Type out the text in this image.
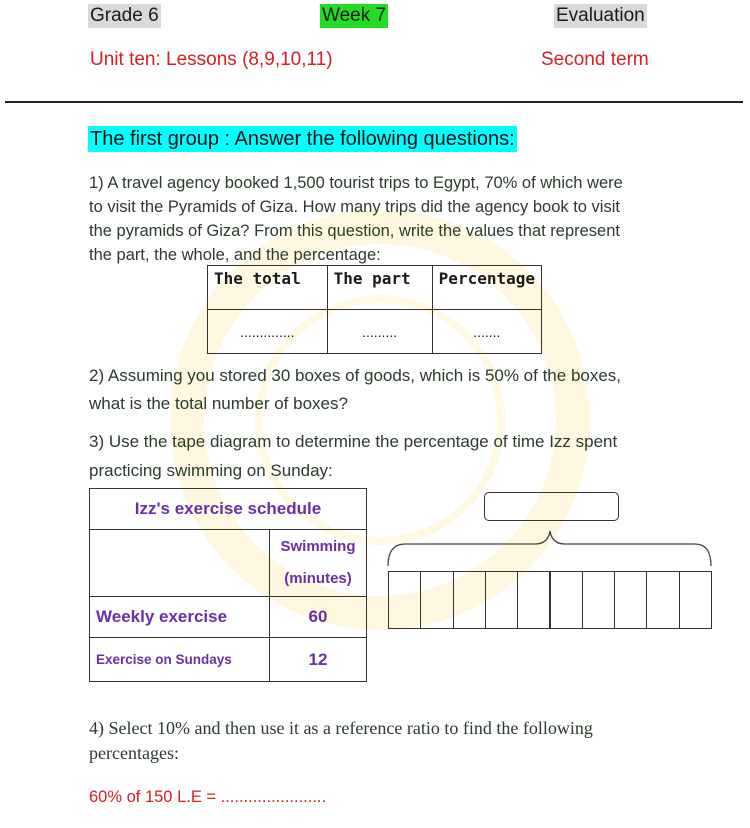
Grade 6	Week 7	Evaluation
Unit ten: Lessons (8,9,10,11)	Second term
The first group : Answer the following questions:
1) A travel agency booked 1,500 tourist trips to Egypt, 70% of which were
to visit the Pyramids of Giza. How many trips did the agency book to visit
the pyramids of Giza? From this question, write the values that represent
the part, the whole, and the percentage:
The total	The part	Percentage
..............	.........	.......
2) Assuming you stored 30 boxes of goods, which is 50% of the boxes,
what is the total number of boxes?
3) Use the tape diagram to determine the percentage of time Izz spent
practicing swimming on Sunday:
Izz's exercise schedule	

	Swimming
(minutes)

Weekly exercise	60
Exercise on Sundays	12
4) Select 10% and then use it as a reference ratio to find the following
percentages:
60% of 150 L.E = .......................
